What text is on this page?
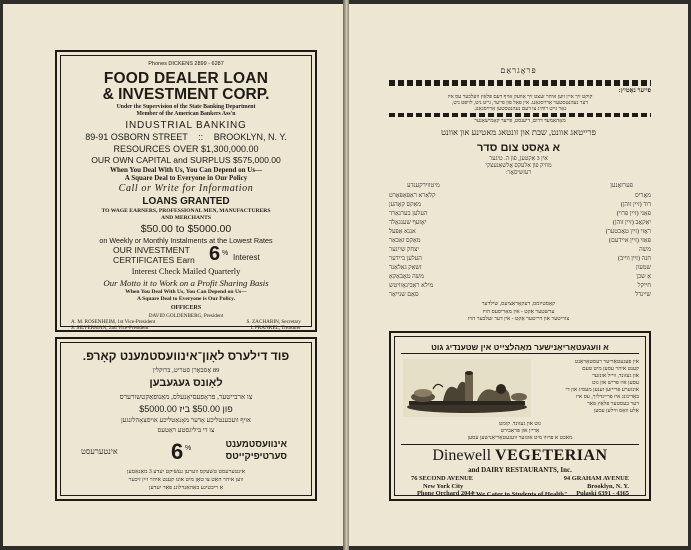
Phones DICKENS 2899 - 6287
FOOD DEALER LOAN
& INVESTMENT CORP.
Under the Supervision of the State Banking Department
Member of the American Bankers Ass'n
INDUSTRIAL BANKING
89-91 OSBORN STREET :: BROOKLYN, N. Y.
RESOURCES OVER $1,300,000.00
OUR OWN CAPITAL and SURPLUS $575,000.00
When You Deal With Us, You Can Depend on Us—
A Square Deal to Everyone in Our Policy
Call or Write for Information
LOANS GRANTED
TO WAGE EARNERS, PROFESSIONAL MEN, MANUFACTURERS
AND MERCHANTS
$50.00 to $5000.00
on Weekly or Monthly Instalments at the Lowest Rates
OUR INVESTMENT
CERTIFICATES Earn 6 % Interest
Interest Check Mailed Quarterly
Our Motto it to Work on a Profit Sharing Basis
When You Deal With Us, You Can Depend on Us—
A Square Deal to Everyone is Our Policy.
OFFICERS
DAVID GOLDENBERG, President
A. M. ROSENHEIM, 1st Vice-President	S. ZACHARIN, Secretary
S. SILVERMAN, 2nd Vice-President	I. FRANKEL, Treasurer
פוד דילערס לאָון־אינוועסטמענט קאָרפּ.
89 אָסבאָרן סטריט, ברוקלין
לאָונס געגעבען
צו ארבייטער, פראָפעסיאָנעלס, מאַנופאַקטשורערס
פון $50.00 ביז $5000.00
אויף וועכענטליכע אָדער מאָנאַטליכע אויסצאָהלונגען
צו די ביליגסטע ראַטעס
אינוועסטמענט
סערטיפיקייטס
6 %
אינטערעסט
אינטערעסט טשעקס ווערען געשיקט יעדע 3 מאָנאַטען
ווען איהר האָט צו טאָן מיט אונז קענט איהר זיין זיכער
אַ ריכטיגע באַהאַנדלונג פאַר יעדען
פּראָגראַם
פייער נאָטיץ:
קוקט זיך איין ווען איהר זעצט זיך אַוועק אויף דעם פּלאַץ וועלכער עס איז
דער נעהנטסטער אַרויסגאַנג. אין פאַל פון פייער, גייט ניט, לויפט ניט,
נאָר גייט רוהיג צו דעם נעהנטסטען אַרויסגאַנג.
מאָהאַמעד דרום, דיענסט, פייער קאָמישאָנער
פרייטאג אוונט, שבת און זונטאג מאטינע און אוונט
א גאַסט צום סדר
אין 3 אַקטען, פון ה. טיגער
מוזיק פון אלעקס אָלשאַנעצקי
רעזשיסאָר:
פערזאָנען
מיטווירקענדע
מאָריס
קלאַרא ראַפּאַפּאָרט
דוד (זיין זוהן)
מאַקס קאָהען
פאַני (זיין פרוי)
העלען בערנאַרד
יאַקאָב (זיין זוהן)
יאָזעף שענגאָלד
ראָזי (זיין טאָכטער)
אננא אַפּעל
פּאַזי (זיין איידעם)
מאַקס זאַכאַר
משה
יצחק שיינער
חנה (זיין ווייב)
העלען ביידער
שמעון
זשאַק גאַלאַנד
אַ שכן
משה טאָבאַקאָ
חייקל
מילא ראַבינאָוויטש
שיינדל
סאַם שנייאַר
קאָסטיומס, דעקאָראַציעס, שילדער
ערשטער אַקט - אין מאָריסעס הויז
צווייטער און דריטער אַקט - אין דער זעלבער הויז
א וועגעטאַריאַנישער מאַהלצייט אין שטענדיג גוט
אין פעגעטאַריער רעסטאָראַנט
קענט איהר עסען מיט טעם
און געזונד, ווייל אונזער
עסען איז פריש און גוט
אונזערע פּרייזען זענען מעסיג און די
באַדינונג איז פריינדליך, עס איז
דער בעסטער פּלאַץ פאַר
אַלע וואָס ווילען עסען
גוט און געזונד. קומט
אַריין און פּראָבירט
מאכט א פּרוּוו מיט אונזער וועגעטאַריאַנישען עסען
Dinewell VEGETERIAN
and DAIRY RESTAURANTS, Inc.
76 SECOND AVENUE
New York City
Phone Orchard 2044
94 GRAHAM AVENUE
Brooklyn, N. Y.
Pulaski 6391 - 4365
"We Cater to Students of Health"
